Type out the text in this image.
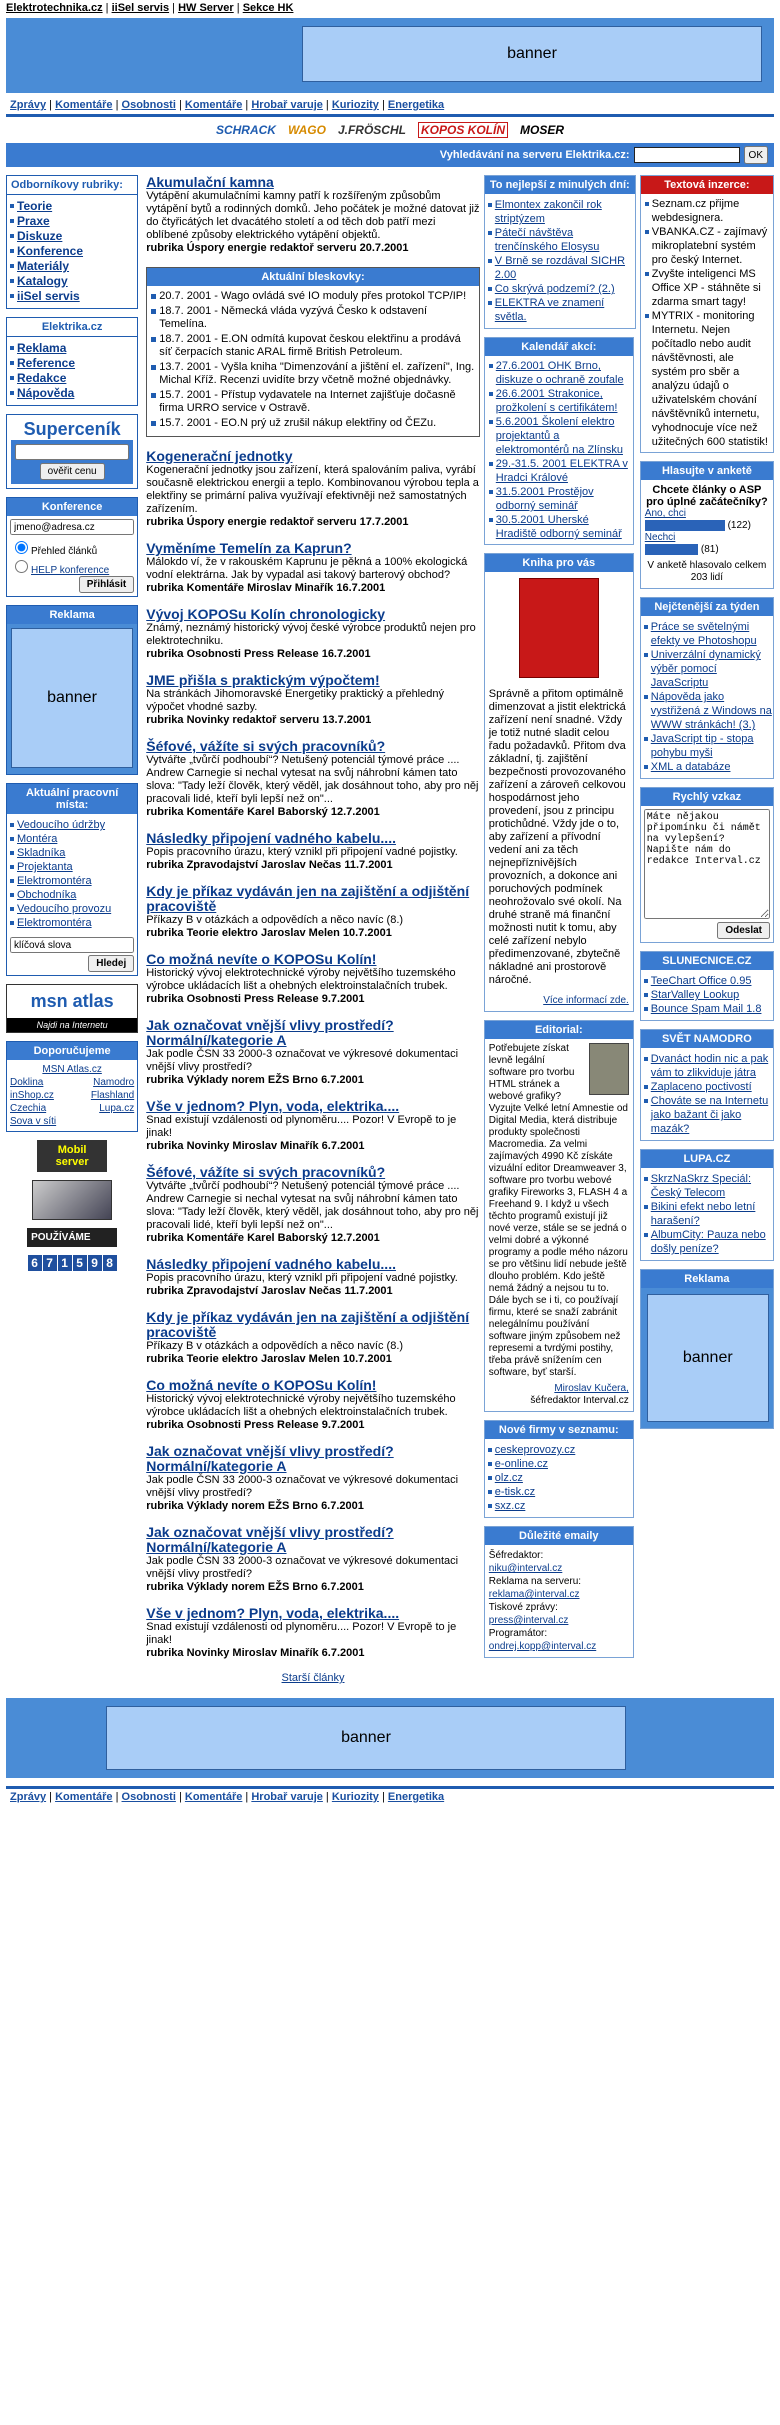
Elektrotechnika.cz | iiSel servis | HW Server | Sekce HK
banner
Zprávy | Komentáře | Osobnosti | Komentáře | Hrobař varuje | Kuriozity | Energetika
SCHRACK WAGO J.FRÖSCHL KOPOS KOLÍN MOSER
Vyhledávání na serveru Elektrika.cz:	OK
Odborníkovy rubriky:
Teorie
Praxe
Diskuze
Konference
Materiály
Katalogy
iiSel servis
Elektrika.cz
Reklama
Reference
Redakce
Nápověda
Superceník
ověřit cenu
Konference
jmeno@adresa.cz
Přehled článků
HELP konference
Přihlásit
Reklama
banner
Aktuální pracovní místa:
Vedoucího údržby
Montéra
Skladníka
Projektanta
Elektromontéra
Obchodníka
Vedoucího provozu
Elektromontéra
klíčová slova
Hledej
msn atlas
Najdi na Internetu
Doporučujeme
MSN Atlas.cz
Doklina	Namodro
inShop.cz	Flashland
Czechia	Lupa.cz
Sova v síti
Mobil server
POUŽÍVÁME
6 7 1 5 9 8
Akumulační kamna
Vytápění akumulačními kamny patří k rozšířeným způsobům vytápění bytů a rodinných domků. Jeho počátek je možné datovat již do čtyřicátých let dvacátého století a od těch dob patří mezi oblíbené způsoby elektrického vytápění objektů.
rubrika Úspory energie redaktoř serveru 20.7.2001
Aktuální bleskovky:

20.7. 2001 - Wago ovládá své IO moduly přes protokol TCP/IP!

18.7. 2001 - Německá vláda vyzývá Česko k odstavení Temelína.

18.7. 2001 - E.ON odmítá kupovat českou elektřinu a prodává síť čerpacích stanic ARAL firmě British Petroleum.

13.7. 2001 - Vyšla kniha "Dimenzování a jištění el. zařízení", Ing. Michal Kříž. Recenzi uvidíte brzy včetně možné objednávky.

15.7. 2001 - Přístup vydavatele na Internet zajišťuje dočasně firma URRO service v Ostravě.

15.7. 2001 - EO.N prý už zrušil nákup elektřiny od ČEZu.

Kogenerační jednotky
Kogenerační jednotky jsou zařízení, která spalováním paliva, vyrábí současně elektrickou energii a teplo. Kombinovanou výrobou tepla a elektřiny se primární paliva využívají efektivněji než samostatných zařízením.
rubrika Úspory energie redaktoř serveru 17.7.2001
Vyměníme Temelín za Kaprun?
Málokdo ví, že v rakouském Kaprunu je pěkná a 100% ekologická vodní elektrárna. Jak by vypadal asi takový barterový obchod?
rubrika Komentáře Miroslav Minařík 16.7.2001
Vývoj KOPOSu Kolín chronologicky
Známý, neznámý historický vývoj české výrobce produktů nejen pro elektrotechniku.
rubrika Osobnosti Press Release 16.7.2001
JME přišla s praktickým výpočtem!
Na stránkách Jihomoravské Energetiky praktický a přehledný výpočet vhodné sazby.
rubrika Novinky redaktoř serveru 13.7.2001
Šéfové, vážíte si svých pracovníků?
Vytvářte „tvůrčí podhoubí“? Netušený potenciál týmové práce .... Andrew Carnegie si nechal vytesat na svůj náhrobní kámen tato slova: "Tady leží člověk, který věděl, jak dosáhnout toho, aby pro něj pracovali lidé, kteří byli lepší než on"...
rubrika Komentáře Karel Baborský 12.7.2001
Následky připojení vadného kabelu....
Popis pracovního úrazu, který vznikl při připojení vadné pojistky.
rubrika Zpravodajství Jaroslav Nečas 11.7.2001
Kdy je příkaz vydáván jen na zajištění a odjištění pracoviště
Příkazy B v otázkách a odpovědích a něco navíc (8.)
rubrika Teorie elektro Jaroslav Melen 10.7.2001
Co možná nevíte o KOPOSu Kolín!
Historický vývoj elektrotechnické výroby největšího tuzemského výrobce ukládacích lišt a ohebných elektroinstalačních trubek.
rubrika Osobnosti Press Release 9.7.2001
Jak označovat vnější vlivy prostředí? Normální/kategorie A
Jak podle ČSN 33 2000-3 označovat ve výkresové dokumentaci vnější vlivy prostředí?
rubrika Výklady norem EŽS Brno 6.7.2001
Vše v jednom? Plyn, voda, elektrika....
Snad existují vzdálenosti od plynoměru.... Pozor! V Evropě to je jinak!
rubrika Novinky Miroslav Minařík 6.7.2001
Šéfové, vážíte si svých pracovníků?
Vytvářte „tvůrčí podhoubí“? Netušený potenciál týmové práce .... Andrew Carnegie si nechal vytesat na svůj náhrobní kámen tato slova: "Tady leží člověk, který věděl, jak dosáhnout toho, aby pro něj pracovali lidé, kteří byli lepší než on"...
rubrika Komentáře Karel Baborský 12.7.2001
Následky připojení vadného kabelu....
Popis pracovního úrazu, který vznikl při připojení vadné pojistky.
rubrika Zpravodajství Jaroslav Nečas 11.7.2001
Kdy je příkaz vydáván jen na zajištění a odjištění pracoviště
Příkazy B v otázkách a odpovědích a něco navíc (8.)
rubrika Teorie elektro Jaroslav Melen 10.7.2001
Co možná nevíte o KOPOSu Kolín!
Historický vývoj elektrotechnické výroby největšího tuzemského výrobce ukládacích lišt a ohebných elektroinstalačních trubek.
rubrika Osobnosti Press Release 9.7.2001
Jak označovat vnější vlivy prostředí? Normální/kategorie A
Jak podle ČSN 33 2000-3 označovat ve výkresové dokumentaci vnější vlivy prostředí?
rubrika Výklady norem EŽS Brno 6.7.2001
Jak označovat vnější vlivy prostředí? Normální/kategorie A
Jak podle ČSN 33 2000-3 označovat ve výkresové dokumentaci vnější vlivy prostředí?
rubrika Výklady norem EŽS Brno 6.7.2001
Vše v jednom? Plyn, voda, elektrika....
Snad existují vzdálenosti od plynoměru.... Pozor! V Evropě to je jinak!
rubrika Novinky Miroslav Minařík 6.7.2001
Starší články
To nejlepší z minulých dní:
Elmontex zakončil rok striptýzem
Pátečí návštěva trenčínského Elosysu
V Brně se rozdával SICHR 2.00
Co skrývá podzemí? (2.)
ELEKTRA ve znamení světla.
Kalendář akcí:
27.6.2001 OHK Brno, diskuze o ochraně zoufale
26.6.2001 Strakonice, prožkolení s certifikátem!
5.6.2001 Školení elektro projektantů a elektromontérů na Zlínsku
29.-31.5. 2001 ELEKTRA v Hradci Králové
31.5.2001 Prostějov odborný seminář
30.5.2001 Uherské Hradiště odborný seminář
Kniha pro vás
Správně a přitom optimálně dimenzovat a jistit elektrická zařízení není snadné. Vždy je totiž nutné sladit celou řadu požadavků. Přitom dva základní, tj. zajištění bezpečnosti provozovaného zařízení a zároveň celkovou hospodárnost jeho provedení, jsou z principu protichůdné. Vždy jde o to, aby zařízení a přívodní vedení ani za těch nejnepříznivějších provozních, a dokonce ani poruchových podmínek neohrožovalo své okolí. Na druhé straně má finanční možnosti nutit k tomu, aby celé zařízení nebylo předimenzované, zbytečně nákladné ani prostorově náročné.
Více informací zde.
Editorial:
Potřebujete získat levně legální software pro tvorbu HTML stránek a webové grafiky? Vyzujte Velké letní Amnestie od Digital Media, která distribuje produkty společnosti Macromedia. Za velmi zajímavých 4990 Kč získáte vizuální editor Dreamweaver 3, software pro tvorbu webové grafiky Fireworks 3, FLASH 4 a Freehand 9. I když u všech těchto programů existují již nové verze, stále se se jedná o velmi dobré a výkonné programy a podle mého názoru se pro většinu lidí nebude ještě dlouho problém. Kdo ještě nemá žádný a nejsou tu to. Dále bych se i ti, co používají firmu, které se snaží zabránit nelegálnímu používání software jiným způsobem než represemi a tvrdými postihy, třeba právě snížením cen software, byť starší.
Miroslav Kučera,
šéfredaktor Interval.cz
Nové firmy v seznamu:
ceskeprovozy.cz
e-online.cz
olz.cz
e-tisk.cz
sxz.cz
Důležité emaily
Šéfredaktor:
niku@interval.cz
Reklama na serveru:
reklama@interval.cz
Tiskové zprávy:
press@interval.cz
Programátor:
ondrej.kopp@interval.cz
Textová inzerce:
Seznam.cz přijme webdesignera.
VBANKA.CZ - zajímavý mikroplatební systém pro český Internet.
Zvyšte inteligenci MS Office XP - stáhněte si zdarma smart tagy!
MYTRIX - monitoring Internetu. Nejen počítadlo nebo audit návštěvnosti, ale systém pro sběr a analýzu údajů o uživatelském chování návštěvníků internetu, vyhodnocuje více než užitečných 600 statistik!
Hlasujte v anketě
Chcete články o ASP pro úplné začátečníky?
Ano, chci
(122)
Nechci
(81)
V anketě hlasovalo celkem 203 lidí
Nejčtenější za týden
Práce se světelnými efekty ve Photoshopu
Univerzální dynamický výběr pomocí JavaScriptu
Nápověda jako vystřižená z Windows na WWW stránkách! (3.)
JavaScript tip - stopa pohybu myši
XML a databáze
Rychlý vzkaz
Máte nějakou připomínku či námět na vylepšení? Napište nám do redakce Interval.cz
Odeslat
SLUNECNICE.CZ
TeeChart Office 0.95
StarValley Lookup
Bounce Spam Mail 1.8
SVĚT NAMODRO
Dvanáct hodin nic a pak vám to zlikviduje játra
Zaplaceno poctivostí
Chováte se na Internetu jako bažant či jako mazák?
LUPA.CZ
SkrzNaSkrz Speciál: Český Telecom
Bikini efekt nebo letní harašení?
AlbumCity: Pauza nebo došly peníze?
Reklama
banner
banner
Zprávy | Komentáře | Osobnosti | Komentáře | Hrobař varuje | Kuriozity | Energetika
